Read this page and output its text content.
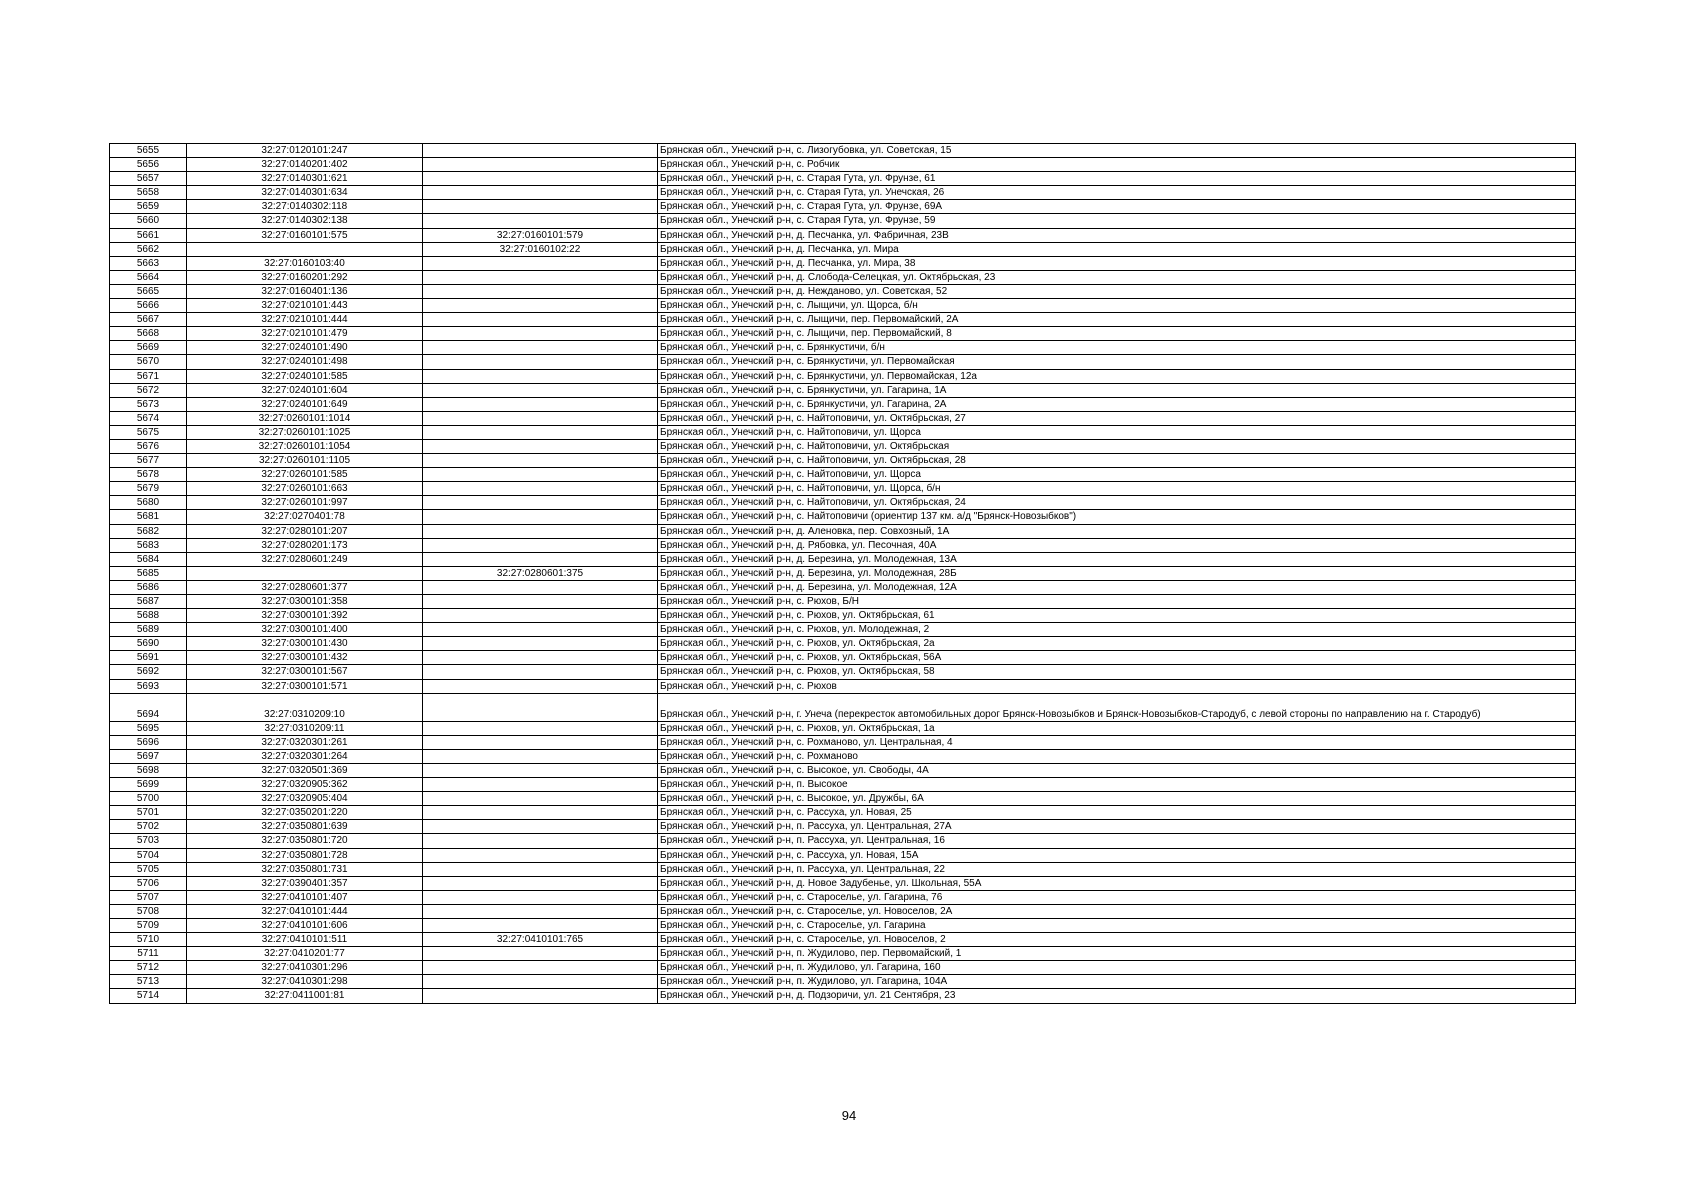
5655	32:27:0120101:247		Брянская обл., Унечский р-н, с. Лизогубовка, ул. Советская, 15
5656	32:27:0140201:402		Брянская обл., Унечский р-н, с. Робчик
5657	32:27:0140301:621		Брянская обл., Унечский р-н, с. Старая Гута, ул. Фрунзе, 61
5658	32:27:0140301:634		Брянская обл., Унечский р-н, с. Старая Гута, ул. Унечская, 26
5659	32:27:0140302:118		Брянская обл., Унечский р-н, с. Старая Гута, ул. Фрунзе, 69А
5660	32:27:0140302:138		Брянская обл., Унечский р-н, с. Старая Гута, ул. Фрунзе, 59
5661	32:27:0160101:575	32:27:0160101:579	Брянская обл., Унечский р-н, д. Песчанка, ул. Фабричная, 23В
5662		32:27:0160102:22	Брянская обл., Унечский р-н, д. Песчанка, ул. Мира
5663	32:27:0160103:40		Брянская обл., Унечский р-н, д. Песчанка, ул. Мира, 38
5664	32:27:0160201:292		Брянская обл., Унечский р-н, д. Слобода-Селецкая, ул. Октябрьская, 23
5665	32:27:0160401:136		Брянская обл., Унечский р-н, д. Нежданово, ул. Советская, 52
5666	32:27:0210101:443		Брянская обл., Унечский р-н, с. Лыщичи, ул. Щорса, б/н
5667	32:27:0210101:444		Брянская обл., Унечский р-н, с. Лыщичи, пер. Первомайский, 2А
5668	32:27:0210101:479		Брянская обл., Унечский р-н, с. Лыщичи, пер. Первомайский, 8
5669	32:27:0240101:490		Брянская обл., Унечский р-н, с. Брянкустичи, б/н
5670	32:27:0240101:498		Брянская обл., Унечский р-н, с. Брянкустичи, ул. Первомайская
5671	32:27:0240101:585		Брянская обл., Унечский р-н, с. Брянкустичи, ул. Первомайская, 12а
5672	32:27:0240101:604		Брянская обл., Унечский р-н, с. Брянкустичи, ул. Гагарина, 1А
5673	32:27:0240101:649		Брянская обл., Унечский р-н, с. Брянкустичи, ул. Гагарина, 2А
5674	32:27:0260101:1014		Брянская обл., Унечский р-н, с. Найтоповичи, ул. Октябрьская, 27
5675	32:27:0260101:1025		Брянская обл., Унечский р-н, с. Найтоповичи, ул. Щорса
5676	32:27:0260101:1054		Брянская обл., Унечский р-н, с. Найтоповичи, ул. Октябрьская
5677	32:27:0260101:1105		Брянская обл., Унечский р-н, с. Найтоповичи, ул. Октябрьская, 28
5678	32:27:0260101:585		Брянская обл., Унечский р-н, с. Найтоповичи, ул. Щорса
5679	32:27:0260101:663		Брянская обл., Унечский р-н, с. Найтоповичи, ул. Щорса, б/н
5680	32:27:0260101:997		Брянская обл., Унечский р-н, с. Найтоповичи, ул. Октябрьская, 24
5681	32:27:0270401:78		Брянская обл., Унечский р-н, с. Найтоповичи (ориентир 137 км. а/д "Брянск-Новозыбков")
5682	32:27:0280101:207		Брянская обл., Унечский р-н, д. Аленовка, пер. Совхозный, 1А
5683	32:27:0280201:173		Брянская обл., Унечский р-н, д. Рябовка, ул. Песочная, 40А
5684	32:27:0280601:249		Брянская обл., Унечский р-н, д. Березина, ул. Молодежная, 13А
5685		32:27:0280601:375	Брянская обл., Унечский р-н, д. Березина, ул. Молодежная, 28Б
5686	32:27:0280601:377		Брянская обл., Унечский р-н, д. Березина, ул. Молодежная, 12А
5687	32:27:0300101:358		Брянская обл., Унечский р-н, с. Рюхов, Б/Н
5688	32:27:0300101:392		Брянская обл., Унечский р-н, с. Рюхов, ул. Октябрьская, 61
5689	32:27:0300101:400		Брянская обл., Унечский р-н, с. Рюхов, ул. Молодежная, 2
5690	32:27:0300101:430		Брянская обл., Унечский р-н, с. Рюхов, ул. Октябрьская, 2а
5691	32:27:0300101:432		Брянская обл., Унечский р-н, с. Рюхов, ул. Октябрьская, 56А
5692	32:27:0300101:567		Брянская обл., Унечский р-н, с. Рюхов, ул. Октябрьская, 58
5693	32:27:0300101:571		Брянская обл., Унечский р-н, с. Рюхов
5694	32:27:0310209:10		Брянская обл., Унечский р-н, г. Унеча (перекресток автомобильных дорог Брянск-Новозыбков и Брянск-Новозыбков-Стародуб, с левой стороны по направлению на г. Стародуб)
5695	32:27:0310209:11		Брянская обл., Унечский р-н, с. Рюхов, ул. Октябрьская, 1а
5696	32:27:0320301:261		Брянская обл., Унечский р-н, с. Рохманово, ул. Центральная, 4
5697	32:27:0320301:264		Брянская обл., Унечский р-н, с. Рохманово
5698	32:27:0320501:369		Брянская обл., Унечский р-н, с. Высокое, ул. Свободы, 4А
5699	32:27:0320905:362		Брянская обл., Унечский р-н, п. Высокое
5700	32:27:0320905:404		Брянская обл., Унечский р-н, с. Высокое, ул. Дружбы, 6А
5701	32:27:0350201:220		Брянская обл., Унечский р-н, с. Рассуха, ул. Новая, 25
5702	32:27:0350801:639		Брянская обл., Унечский р-н, п. Рассуха, ул. Центральная, 27А
5703	32:27:0350801:720		Брянская обл., Унечский р-н, п. Рассуха, ул. Центральная, 16
5704	32:27:0350801:728		Брянская обл., Унечский р-н, с. Рассуха, ул. Новая, 15А
5705	32:27:0350801:731		Брянская обл., Унечский р-н, п. Рассуха, ул. Центральная, 22
5706	32:27:0390401:357		Брянская обл., Унечский р-н, д. Новое Задубенье, ул. Школьная, 55А
5707	32:27:0410101:407		Брянская обл., Унечский р-н, с. Староселье, ул. Гагарина, 76
5708	32:27:0410101:444		Брянская обл., Унечский р-н, с. Староселье, ул. Новоселов, 2А
5709	32:27:0410101:606		Брянская обл., Унечский р-н, с. Староселье, ул. Гагарина
5710	32:27:0410101:511	32:27:0410101:765	Брянская обл., Унечский р-н, с. Староселье, ул. Новоселов, 2
5711	32:27:0410201:77		Брянская обл., Унечский р-н, п. Жудилово, пер. Первомайский, 1
5712	32:27:0410301:296		Брянская обл., Унечский р-н, п. Жудилово, ул. Гагарина, 160
5713	32:27:0410301:298		Брянская обл., Унечский р-н, п. Жудилово, ул. Гагарина, 104А
5714	32:27:0411001:81		Брянская обл., Унечский р-н, д. Подзоричи, ул. 21 Сентября, 23
94
